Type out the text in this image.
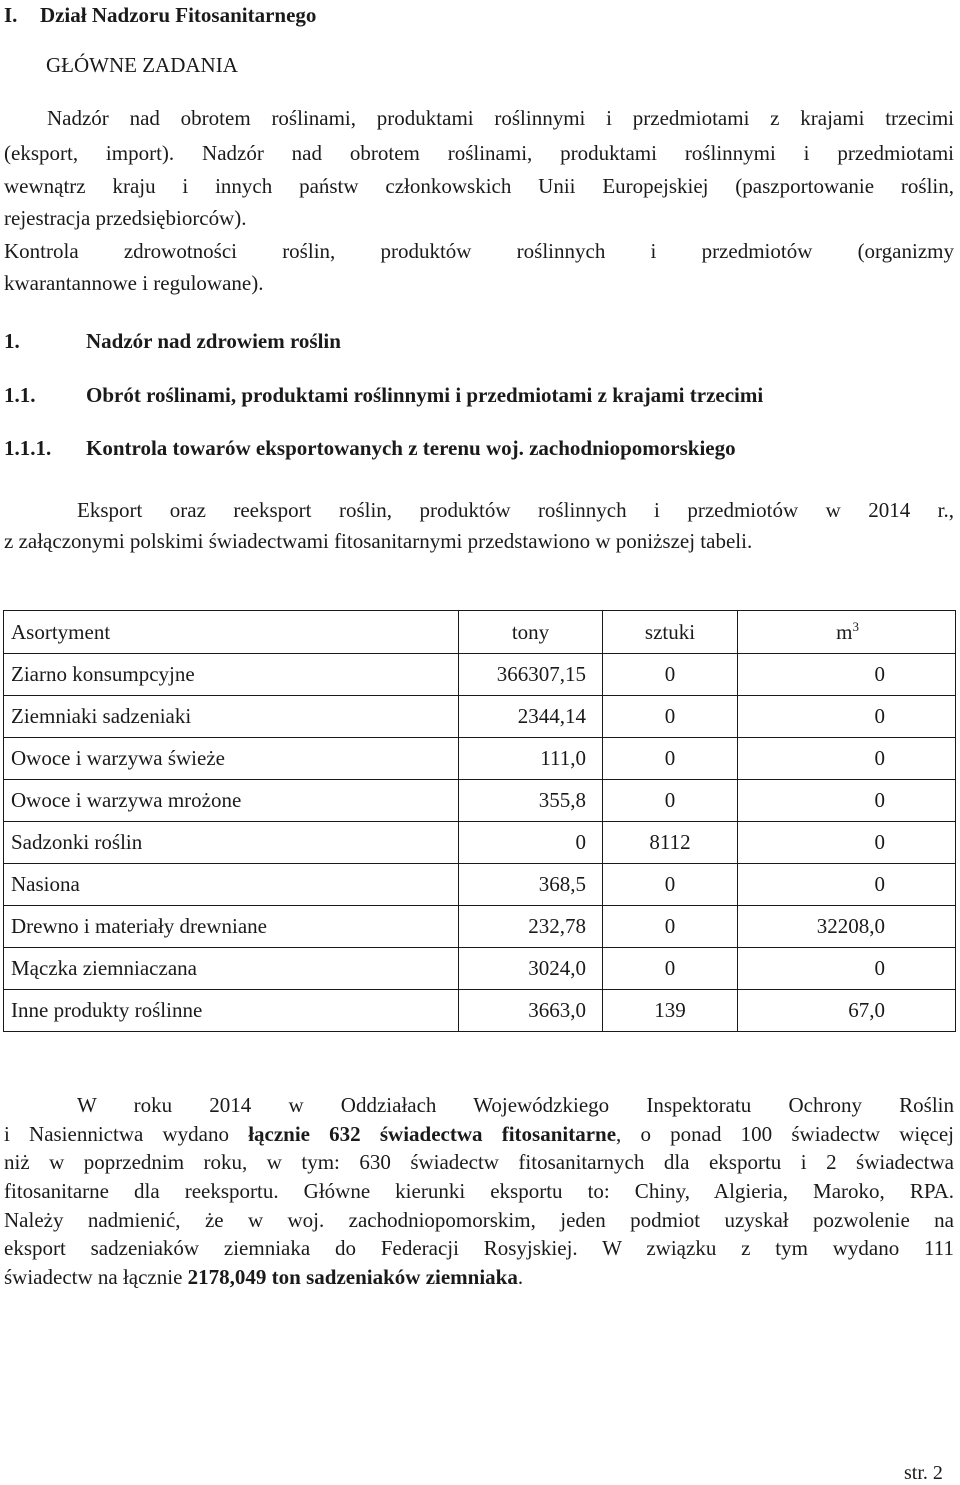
I. Dział Nadzoru Fitosanitarnego
GŁÓWNE ZADANIA
Nadzór nad obrotem roślinami, produktami roślinnymi i przedmiotami z krajami trzecimi
(eksport, import). Nadzór nad obrotem roślinami, produktami roślinnymi i przedmiotami
wewnątrz kraju i innych państw członkowskich Unii Europejskiej (paszportowanie roślin,
rejestracja przedsiębiorców).
Kontrola zdrowotności roślin, produktów roślinnych i przedmiotów (organizmy
kwarantannowe i regulowane).
1.	Nadzór nad zdrowiem roślin
1.1. Obrót roślinami, produktami roślinnymi i przedmiotami z krajami trzecimi
1.1.1. Kontrola towarów eksportowanych z terenu woj. zachodniopomorskiego
Eksport oraz reeksport roślin, produktów roślinnych i przedmiotów w 2014 r.,
z załączonymi polskimi świadectwami fitosanitarnymi przedstawiono w poniższej tabeli.
Asortyment	tony	sztuki	$m^3$
Ziarno konsumpcyjne	366307,15	0	0
Ziemniaki sadzeniaki	2344,14	0	0
Owoce i warzywa świeże	111,0	0	0
Owoce i warzywa mrożone	355,8	0	0
Sadzonki roślin	0	8112	0
Nasiona	368,5	0	0
Drewno i materiały drewniane	232,78	0	32208,0
Mączka ziemniaczana	3024,0	0	0
Inne produkty roślinne	3663,0	139	67,0
W roku 2014 w Oddziałach Wojewódzkiego Inspektoratu Ochrony Roślin
i Nasiennictwa wydano łącznie 632 świadectwa fitosanitarne, o ponad 100 świadectw więcej
niż w poprzednim roku, w tym: 630 świadectw fitosanitarnych dla eksportu i 2 świadectwa
fitosanitarne dla reeksportu. Główne kierunki eksportu to: Chiny, Algieria, Maroko, RPA.
Należy nadmienić, że w woj. zachodniopomorskim, jeden podmiot uzyskał pozwolenie na
eksport sadzeniaków ziemniaka do Federacji Rosyjskiej. W związku z tym wydano 111
świadectw na łącznie 2178,049 ton sadzeniaków ziemniaka.
str. 2
